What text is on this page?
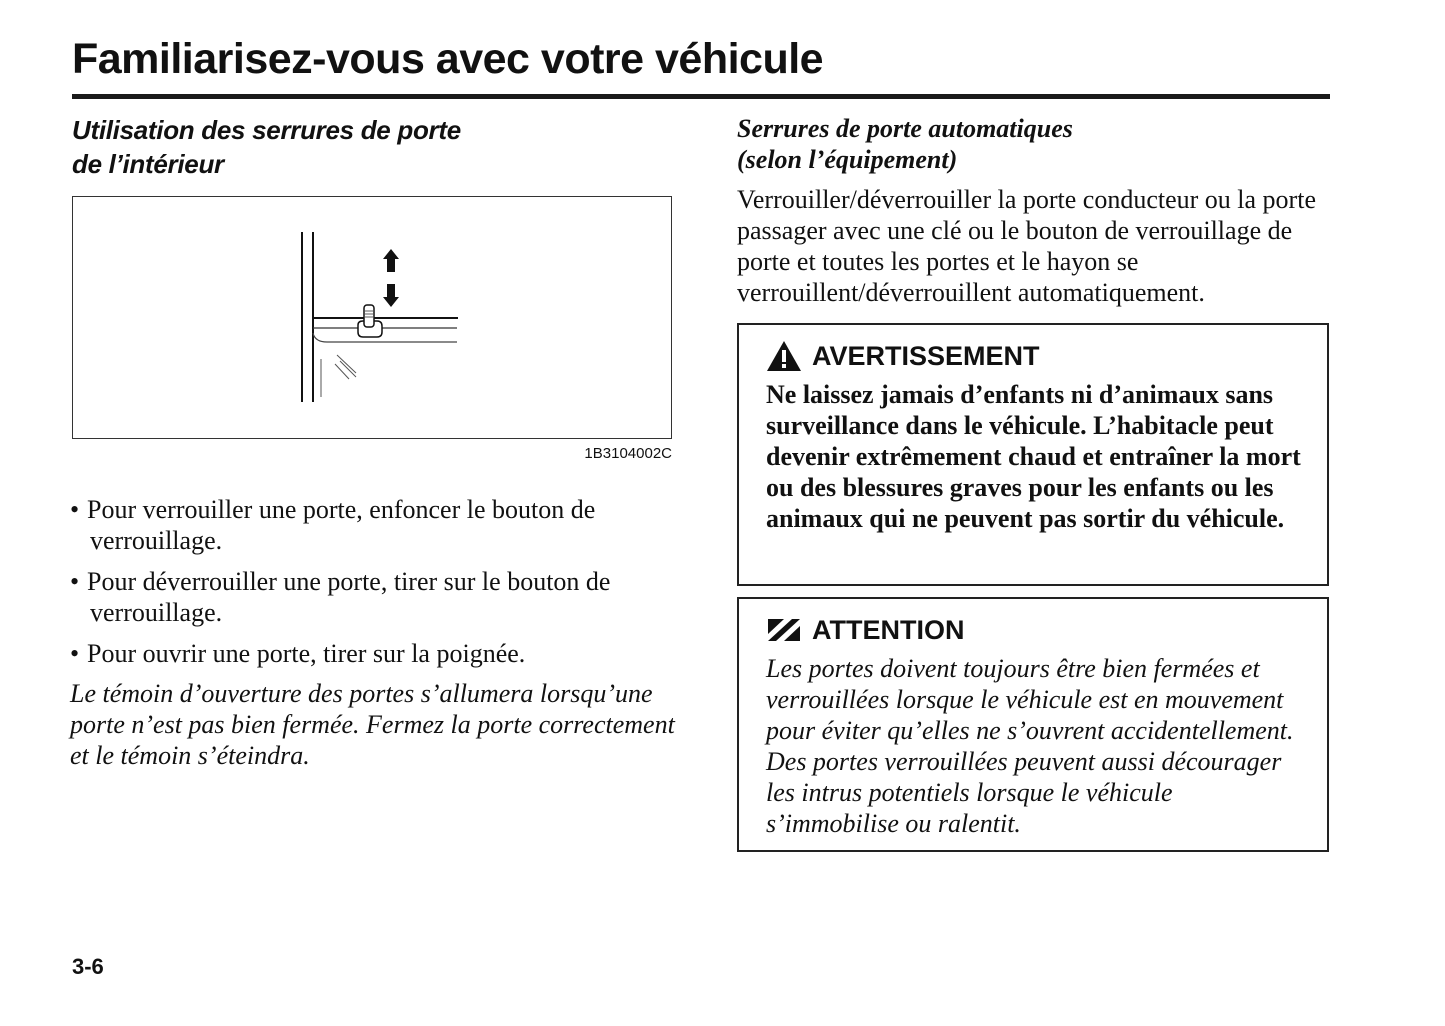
Familiarisez-vous avec votre véhicule
Utilisation des serrures de porte
de l’intérieur

1B3104002C

• Pour verrouiller une porte, enfoncer le bouton de verrouillage.
• Pour déverrouiller une porte, tirer sur le bouton de verrouillage.
• Pour ouvrir une porte, tirer sur la poignée.

Le témoin d’ouverture des portes s’allumera lorsqu’une porte n’est pas bien fermée. Fermez la porte correctement et le témoin s’éteindra.

Serrures de porte automatiques
(selon l’équipement)

Verrouiller/déverrouiller la porte conducteur ou la porte passager avec une clé ou le bouton de verrouillage de porte et toutes les portes et le hayon se verrouillent/déverrouillent automatiquement.

AVERTISSEMENT

Ne laissez jamais d’enfants ni d’animaux sans surveillance dans le véhicule. L’habitacle peut devenir extrêmement chaud et entraîner la mort ou des blessures graves pour les enfants ou les animaux qui ne peuvent pas sortir du véhicule.

ATTENTION

Les portes doivent toujours être bien fermées et verrouillées lorsque le véhicule est en mouvement pour éviter qu’elles ne s’ouvrent accidentellement. Des portes verrouillées peuvent aussi décourager les intrus potentiels lorsque le véhicule s’immobilise ou ralentit.

3-6
